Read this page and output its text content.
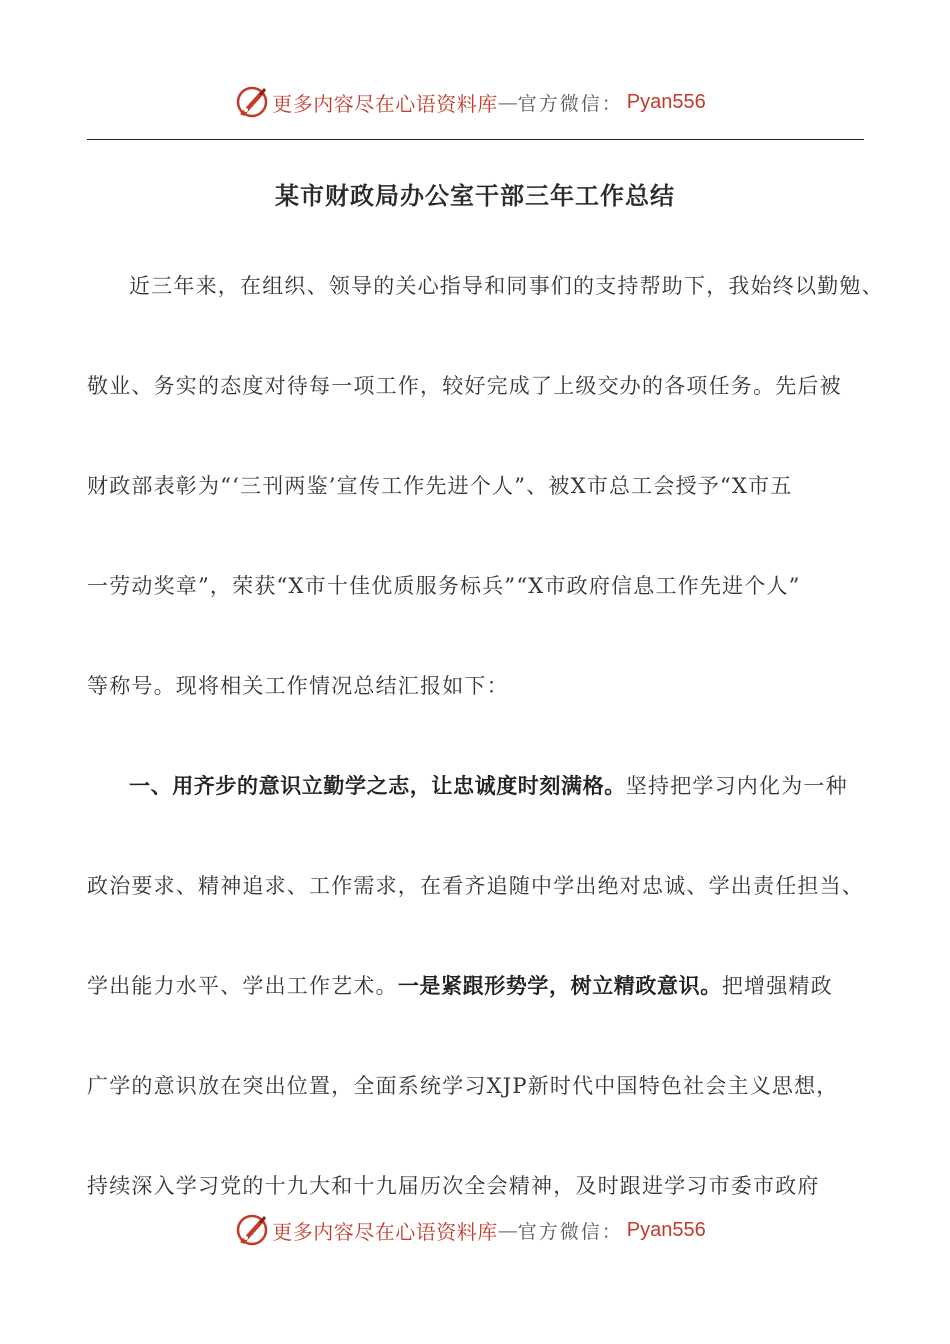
更多内容尽在心语资料库 — 官方微信： Pyan556
某市财政局办公室干部三年工作总结
近三年来，在组织、领导的关心指导和同事们的支持帮助下，我始终以勤勉、
敬业、务实的态度对待每一项工作，较好完成了上级交办的各项任务。先后被
财政部表彰为“‘三刊两鉴’宣传工作先进个人”、被X市总工会授予“X市五
一劳动奖章”，荣获“X市十佳优质服务标兵”“X市政府信息工作先进个人”
等称号。现将相关工作情况总结汇报如下：
一、用齐步的意识立勤学之志，让忠诚度时刻满格。坚持把学习内化为一种
政治要求、精神追求、工作需求，在看齐追随中学出绝对忠诚、学出责任担当、
学出能力水平、学出工作艺术。一是紧跟形势学，树立精政意识。把增强精政
广学的意识放在突出位置，全面系统学习XJP新时代中国特色社会主义思想，
持续深入学习党的十九大和十九届历次全会精神，及时跟进学习市委市政府
更多内容尽在心语资料库 — 官方微信： Pyan556
